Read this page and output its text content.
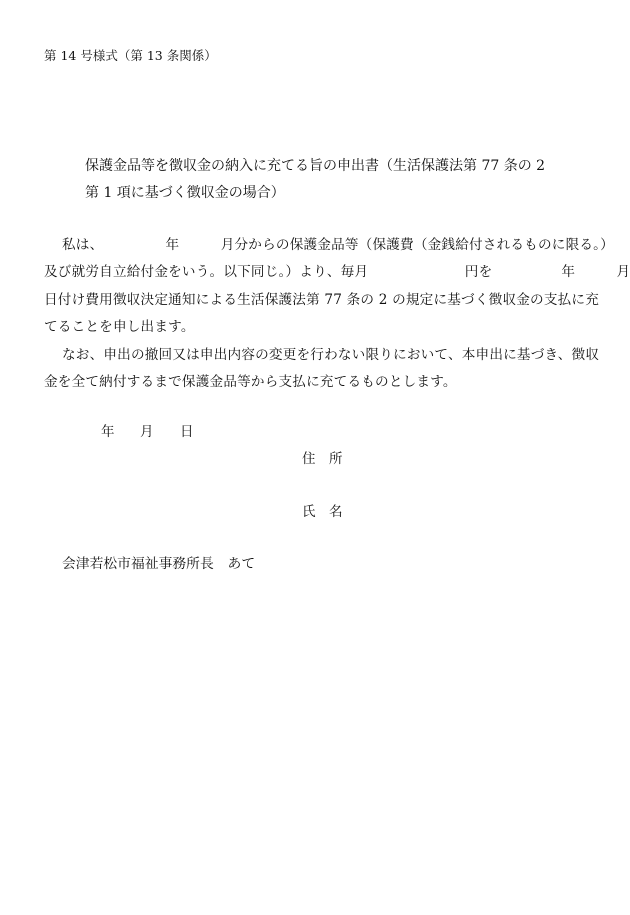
第 14 号様式（第 13 条関係）
保護金品等を徴収金の納入に充てる旨の申出書（生活保護法第 77 条の 2
第 1 項に基づく徴収金の場合）
私は、　　　　　年　　　月分からの保護金品等（保護費（金銭給付されるものに限る。）
及び就労自立給付金をいう。以下同じ。）より、毎月　　　　　　　円を　　　　　年　　　月
日付け費用徴収決定通知による生活保護法第 77 条の 2 の規定に基づく徴収金の支払に充
てることを申し出ます。
なお、申出の撤回又は申出内容の変更を行わない限りにおいて、本申出に基づき、徴収
金を全て納付するまで保護金品等から支払に充てるものとします。
年 月 日
住　所
氏　名
会津若松市福祉事務所長　あて
